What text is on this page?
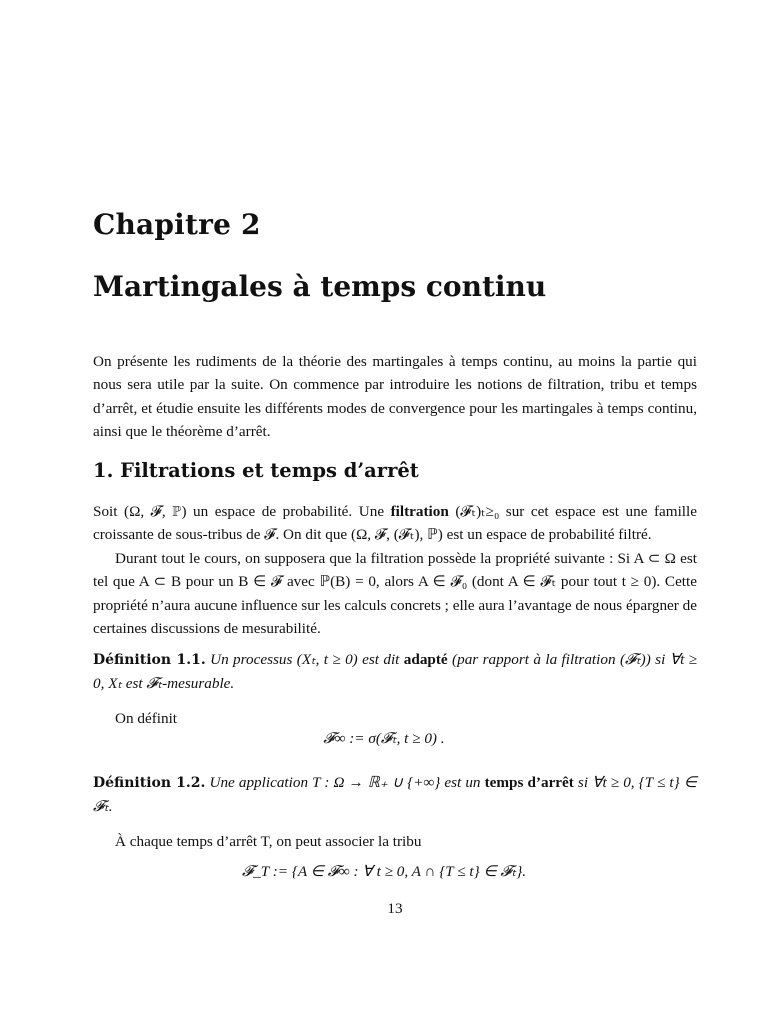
Chapitre 2
Martingales à temps continu

On présente les rudiments de la théorie des martingales à temps continu, au moins la partie qui nous sera utile par la suite. On commence par introduire les notions de filtration, tribu et temps d’arrêt, et étudie ensuite les différents modes de convergence pour les martingales à temps continu, ainsi que le théorème d’arrêt.

1. Filtrations et temps d’arrêt

Soit (Ω, 𝓕, ℙ) un espace de probabilité. Une filtration (𝓕ₜ)ₜ≥₀ sur cet espace est une famille croissante de sous-tribus de 𝓕. On dit que (Ω, 𝓕, (𝓕ₜ), ℙ) est un espace de probabilité filtré.

Durant tout le cours, on supposera que la filtration possède la propriété suivante : Si A ⊂ Ω est tel que A ⊂ B pour un B ∈ 𝓕 avec ℙ(B) = 0, alors A ∈ 𝓕₀ (dont A ∈ 𝓕ₜ pour tout t ≥ 0). Cette propriété n’aura aucune influence sur les calculs concrets ; elle aura l’avantage de nous épargner de certaines discussions de mesurabilité.

Définition 1.1. Un processus (Xₜ, t ≥ 0) est dit adapté (par rapport à la filtration (𝓕ₜ)) si ∀t ≥ 0, Xₜ est 𝓕ₜ-mesurable.

On définit

𝓕∞ := σ(𝓕ₜ, t ≥ 0) .

Définition 1.2. Une application T : Ω → ℝ₊ ∪ {+∞} est un temps d’arrêt si ∀t ≥ 0, {T ≤ t} ∈ 𝓕ₜ.

À chaque temps d’arrêt T, on peut associer la tribu

𝓕_T := {A ∈ 𝓕∞ : ∀ t ≥ 0, A ∩ {T ≤ t} ∈ 𝓕ₜ}.
13
